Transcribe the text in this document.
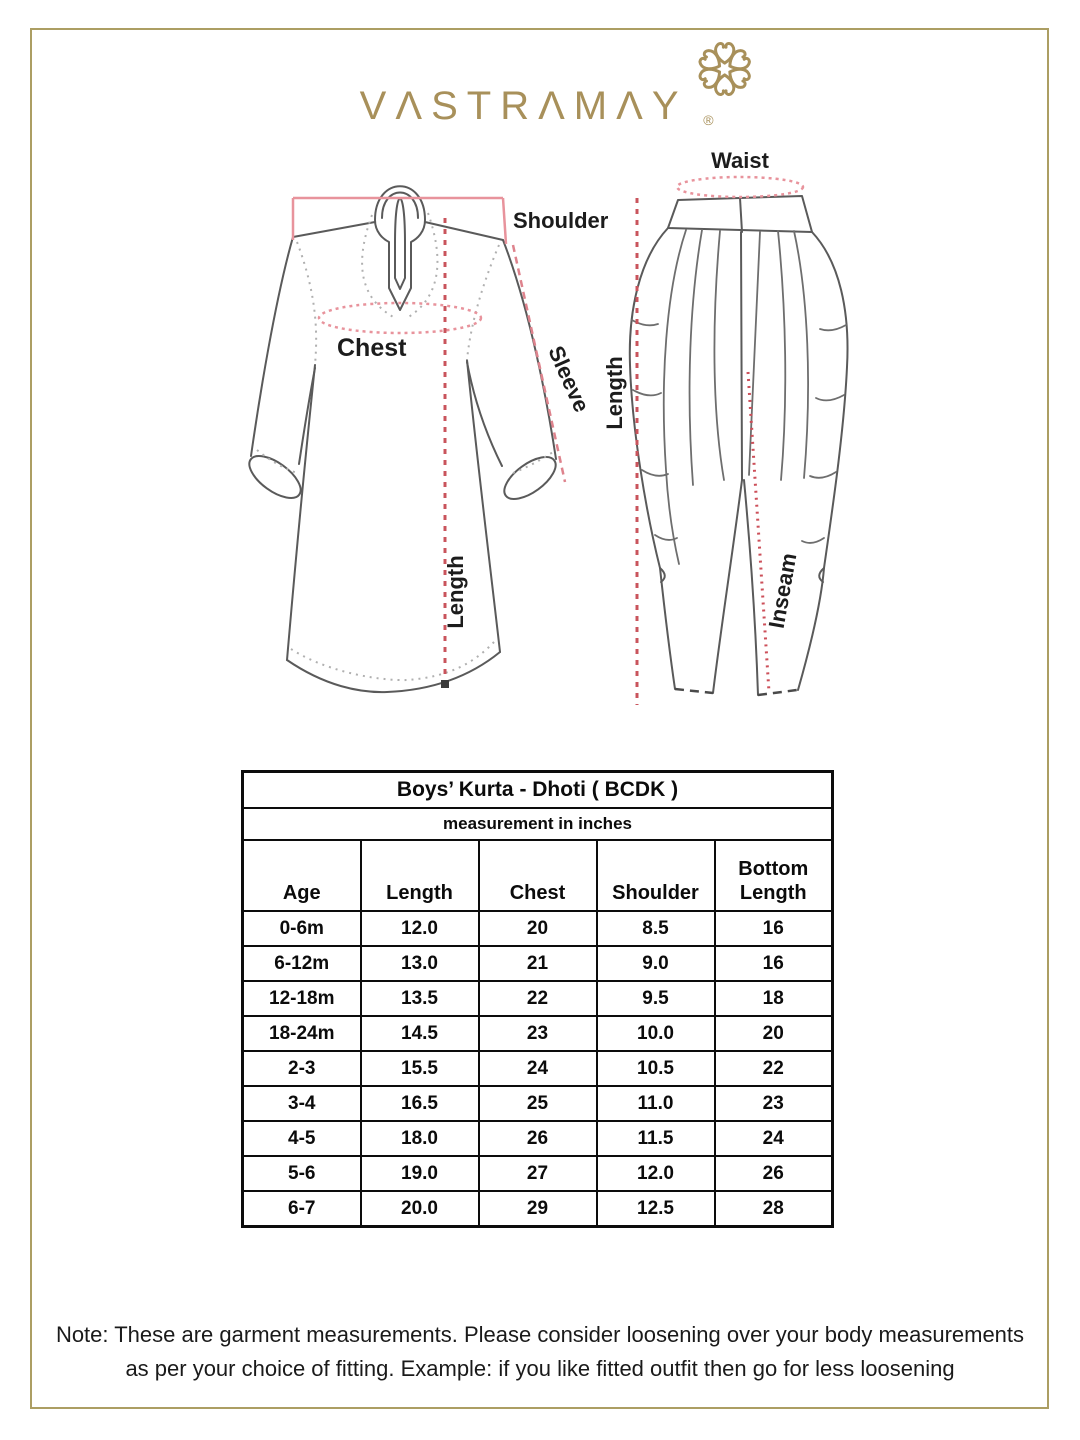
VΛSTRΛMΛY ®
Shoulder
Chest	Sleeve
Length
Waist
Length
Inseam
Boys’ Kurta - Dhoti ( BCDK )				
measurement in inches				
Age	Length	Chest	Shoulder	Bottom Length
0-6m	12.0	20	8.5	16
6-12m	13.0	21	9.0	16
12-18m	13.5	22	9.5	18
18-24m	14.5	23	10.0	20
2-3	15.5	24	10.5	22
3-4	16.5	25	11.0	23
4-5	18.0	26	11.5	24
5-6	19.0	27	12.0	26
6-7	20.0	29	12.5	28

Note: These are garment measurements. Please consider loosening over your body measurements as per your choice of fitting. Example: if you like fitted outfit then go for less loosening
